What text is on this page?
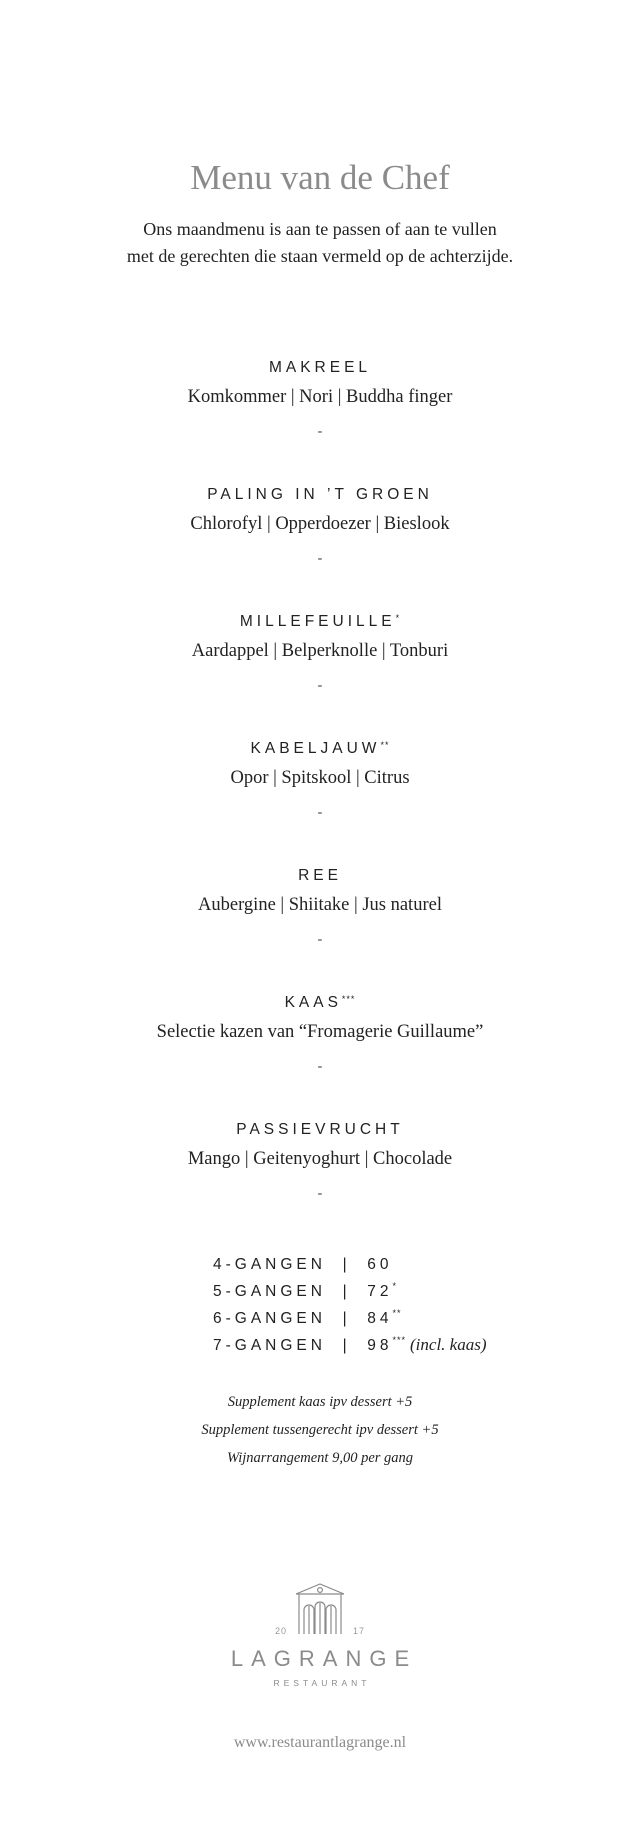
Menu van de Chef
Ons maandmenu is aan te passen of aan te vullen
met de gerechten die staan vermeld op de achterzijde.
MAKREEL
Komkommer | Nori | Buddha finger
-
PALING IN ’T GROEN
Chlorofyl | Opperdoezer | Bieslook
-
MILLEFEUILLE*
Aardappel | Belperknolle | Tonburi
-
KABELJAUW**
Opor | Spitskool | Citrus
-
REE
Aubergine | Shiitake | Jus naturel
-
KAAS***
Selectie kazen van “Fromagerie Guillaume”
-
PASSIEVRUCHT
Mango | Geitenyoghurt | Chocolade
-
4-GANGEN | 60
5-GANGEN | 72*
6-GANGEN | 84**
7-GANGEN | 98*** (incl. kaas)
Supplement kaas ipv dessert +5
Supplement tussengerecht ipv dessert +5
Wijnarrangement 9,00 per gang
20	17
LAGRANGE
RESTAURANT
www.restaurantlagrange.nl
